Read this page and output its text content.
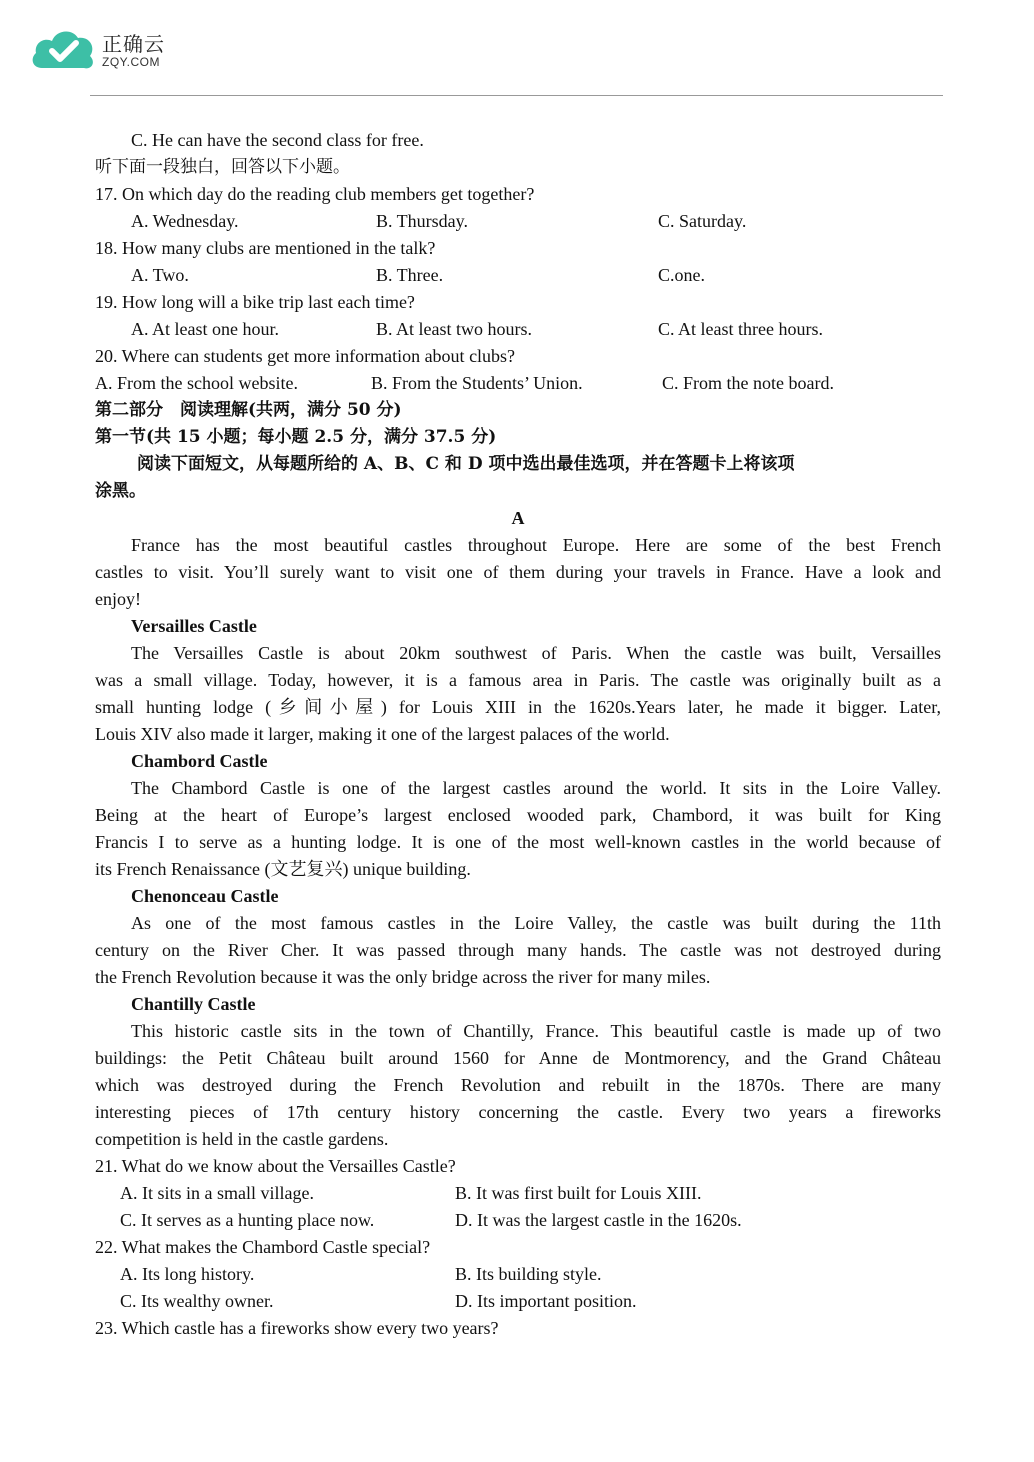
正确云
ZQY.COM
C. He can have the second class for free.
听下面一段独白，回答以下小题。
17. On which day do the reading club members get together?
A. Wednesday.	B. Thursday.	C. Saturday.
18. How many clubs are mentioned in the talk?
A. Two.	B. Three.	C.one.
19. How long will a bike trip last each time?
A. At least one hour.	B. At least two hours.	C. At least three hours.
20. Where can students get more information about clubs?
A. From the school website.	B. From the Students’ Union.	C. From the note board.
第二部分　阅读理解(共两，满分 50 分)
第一节(共 15 小题；每小题 2.5 分，满分 37.5 分)
阅读下面短文，从每题所给的 A、B、C 和 D 项中选出最佳选项，并在答题卡上将该项
涂黑。
A
France has the most beautiful castles throughout Europe. Here are some of the best French
castles to visit. You’ll surely want to visit one of them during your travels in France. Have a look and
enjoy!
Versailles Castle
The Versailles Castle is about 20km southwest of Paris. When the castle was built, Versailles
was a small village. Today, however, it is a famous area in Paris. The castle was originally built as a
small hunting lodge (乡间小屋) for Louis XIII in the 1620s.Years later, he made it bigger. Later,
Louis XIV also made it larger, making it one of the largest palaces of the world.
Chambord Castle
The Chambord Castle is one of the largest castles around the world. It sits in the Loire Valley.
Being at the heart of Europe’s largest enclosed wooded park, Chambord, it was built for King
Francis I to serve as a hunting lodge. It is one of the most well-known castles in the world because of
its French Renaissance (文艺复兴) unique building.
Chenonceau Castle
As one of the most famous castles in the Loire Valley, the castle was built during the 11th
century on the River Cher. It was passed through many hands. The castle was not destroyed during
the French Revolution because it was the only bridge across the river for many miles.
Chantilly Castle
This historic castle sits in the town of Chantilly, France. This beautiful castle is made up of two
buildings: the Petit Château built around 1560 for Anne de Montmorency, and the Grand Château
which was destroyed during the French Revolution and rebuilt in the 1870s. There are many
interesting pieces of 17th century history concerning the castle. Every two years a fireworks
competition is held in the castle gardens.
21. What do we know about the Versailles Castle?
A. It sits in a small village.	B. It was first built for Louis XIII.
C. It serves as a hunting place now.	D. It was the largest castle in the 1620s.
22. What makes the Chambord Castle special?
A. Its long history.	B. Its building style.
C. Its wealthy owner.	D. Its important position.
23. Which castle has a fireworks show every two years?
